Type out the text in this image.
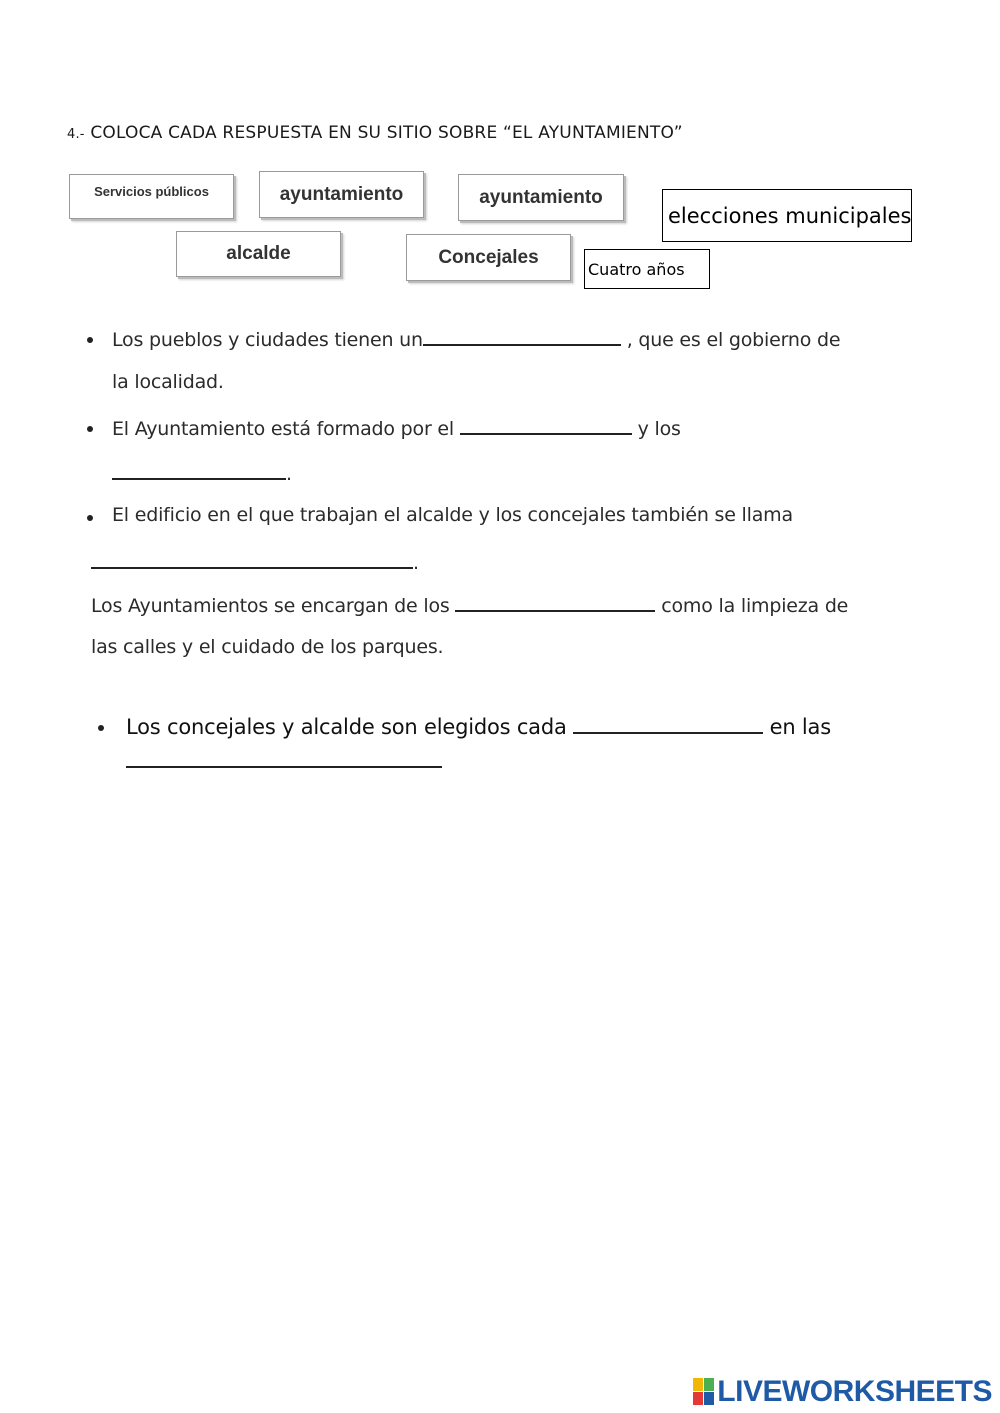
4.- COLOCA CADA RESPUESTA EN SU SITIO SOBRE “EL AYUNTAMIENTO”
Servicios públicos	ayuntamiento	ayuntamiento
elecciones municipales
alcalde	Concejales
Cuatro años
Los pueblos y ciudades tienen un	, que es el gobierno de
la localidad.
El Ayuntamiento está formado por el	y los
.
El edificio en el que trabajan el alcalde y los concejales también se llama
.
Los Ayuntamientos se encargan de los	como la limpieza de
las calles y el cuidado de los parques.
Los concejales y alcalde son elegidos cada	en las
LIVEWORKSHEETS
